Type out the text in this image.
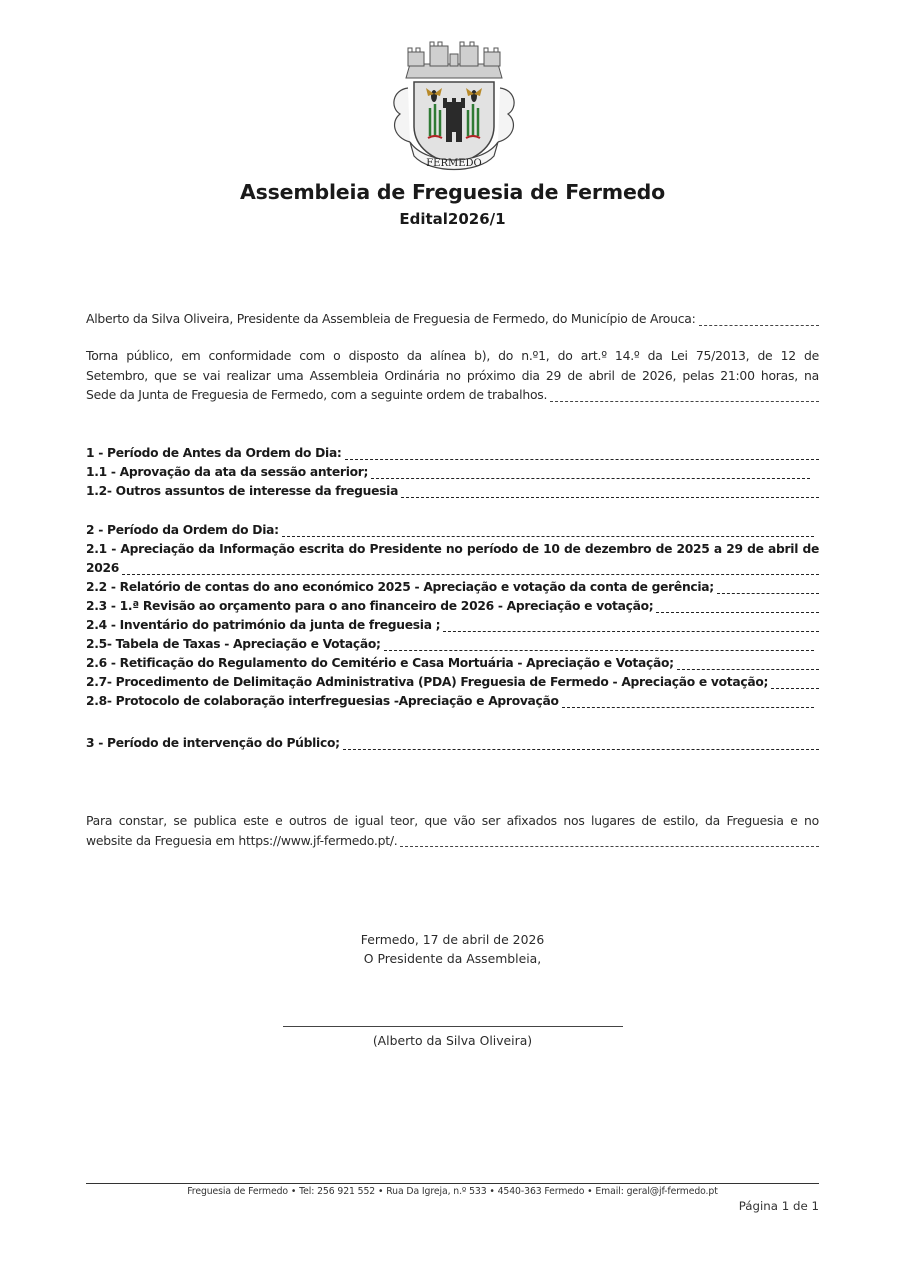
FERMEDO
Assembleia de Freguesia de Fermedo
Edital2026/1
Alberto da Silva Oliveira, Presidente da Assembleia de Freguesia de Fermedo, do Município de Arouca:
Torna público, em conformidade com o disposto da alínea b), do n.º1, do art.º 14.º da Lei 75/2013, de 12 de
Setembro, que se vai realizar uma Assembleia Ordinária no próximo dia 29 de abril de 2026, pelas 21:00 horas, na
Sede da Junta de Freguesia de Fermedo, com a seguinte ordem de trabalhos.
1 - Período de Antes da Ordem do Dia:
1.1 - Aprovação da ata da sessão anterior;
1.2- Outros assuntos de interesse da freguesia
2 - Período da Ordem do Dia:
2.1 - Apreciação da Informação escrita do Presidente no período de 10 de dezembro de 2025 a 29 de abril de
2026
2.2 - Relatório de contas do ano económico 2025 - Apreciação e votação da conta de gerência;
2.3 - 1.ª Revisão ao orçamento para o ano financeiro de 2026 - Apreciação e votação;
2.4 - Inventário do património da junta de freguesia ;
2.5- Tabela de Taxas - Apreciação e Votação;
2.6 - Retificação do Regulamento do Cemitério e Casa Mortuária - Apreciação e Votação;
2.7- Procedimento de Delimitação Administrativa (PDA) Freguesia de Fermedo - Apreciação e votação;
2.8- Protocolo de colaboração interfreguesias -Apreciação e Aprovação
3 - Período de intervenção do Público;
Para constar, se publica este e outros de igual teor, que vão ser afixados nos lugares de estilo, da Freguesia e no
website da Freguesia em https://www.jf-fermedo.pt/.
Fermedo, 17 de abril de 2026
O Presidente da Assembleia,
(Alberto da Silva Oliveira)
Freguesia de Fermedo • Tel: 256 921 552 • Rua Da Igreja, n.º 533 • 4540-363 Fermedo • Email: geral@jf-fermedo.pt
Página 1 de 1
